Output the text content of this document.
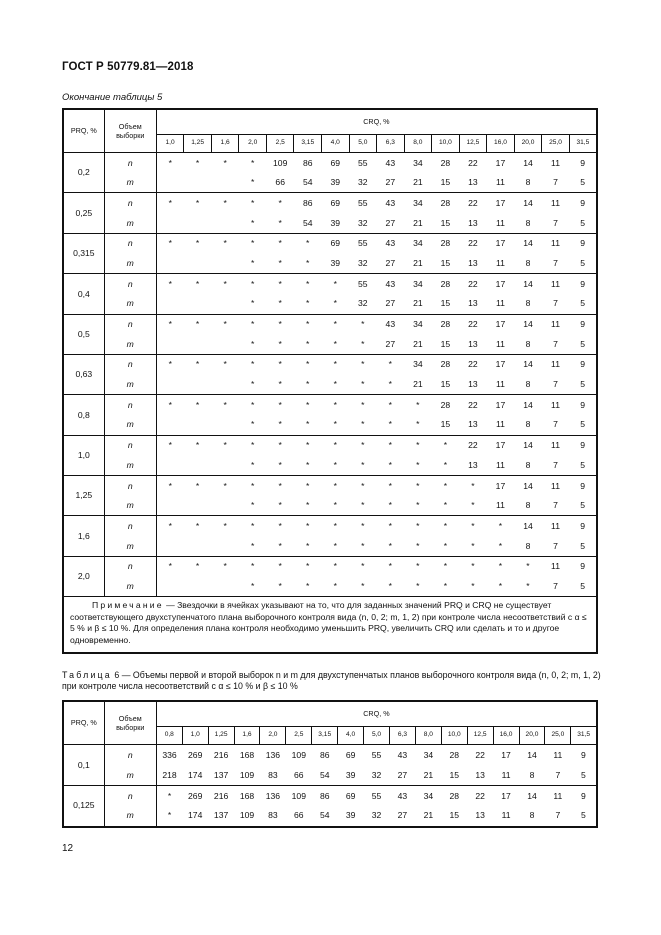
ГОСТ Р 50779.81—2018
Окончание таблицы 5
PRQ, %	Объем выборки	CRQ, %															
		1,0	1,25	1,6	2,0	2,5	3,15	4,0	5,0	6,3	8,0	10,0	12,5	16,0	20,0	25,0	31,5
0,2	n	*	*	*	*	109	86	69	55	43	34	28	22	17	14	11	9
	m				*	66	54	39	32	27	21	15	13	11	8	7	5
0,25	n	*	*	*	*	*	86	69	55	43	34	28	22	17	14	11	9
	m				*	*	54	39	32	27	21	15	13	11	8	7	5
0,315	n	*	*	*	*	*	*	69	55	43	34	28	22	17	14	11	9
	m				*	*	*	39	32	27	21	15	13	11	8	7	5
0,4	n	*	*	*	*	*	*	*	55	43	34	28	22	17	14	11	9
	m				*	*	*	*	32	27	21	15	13	11	8	7	5
0,5	n	*	*	*	*	*	*	*	*	43	34	28	22	17	14	11	9
	m				*	*	*	*	*	27	21	15	13	11	8	7	5
0,63	n	*	*	*	*	*	*	*	*	*	34	28	22	17	14	11	9
	m				*	*	*	*	*	*	21	15	13	11	8	7	5
0,8	n	*	*	*	*	*	*	*	*	*	*	28	22	17	14	11	9
	m				*	*	*	*	*	*	*	15	13	11	8	7	5
1,0	n	*	*	*	*	*	*	*	*	*	*	*	22	17	14	11	9
	m				*	*	*	*	*	*	*	*	13	11	8	7	5
1,25	n	*	*	*	*	*	*	*	*	*	*	*	*	17	14	11	9
	m				*	*	*	*	*	*	*	*	*	11	8	7	5
1,6	n	*	*	*	*	*	*	*	*	*	*	*	*	*	14	11	9
	m				*	*	*	*	*	*	*	*	*	*	8	7	5
2,0	n	*	*	*	*	*	*	*	*	*	*	*	*	*	*	11	9
	m				*	*	*	*	*	*	*	*	*	*	*	7	5
Примечание — Звездочки в ячейках указывают на то, что для заданных значений PRQ и CRQ не существует соответствующего двухступенчатого плана выборочного контроля вида (n, 0, 2; m, 1, 2) при контроле числа несоответствий с α ≤ 5 % и β ≤ 10 %. Для определения плана контроля необходимо уменьшить PRQ, увеличить CRQ или сделать и то и другое одновременно.																	
Таблица 6 — Объемы первой и второй выборок n и m для двухступенчатых планов выборочного контроля вида (n, 0, 2; m, 1, 2) при контроле числа несоответствий с α ≤ 10 % и β ≤ 10 %
PRQ, %	Объем выборки	CRQ, %																
		0,8	1,0	1,25	1,6	2,0	2,5	3,15	4,0	5,0	6,3	8,0	10,0	12,5	16,0	20,0	25,0	31,5
0,1	n	336	269	216	168	136	109	86	69	55	43	34	28	22	17	14	11	9
	m	218	174	137	109	83	66	54	39	32	27	21	15	13	11	8	7	5
0,125	n	*	269	216	168	136	109	86	69	55	43	34	28	22	17	14	11	9
	m	*	174	137	109	83	66	54	39	32	27	21	15	13	11	8	7	5
12
